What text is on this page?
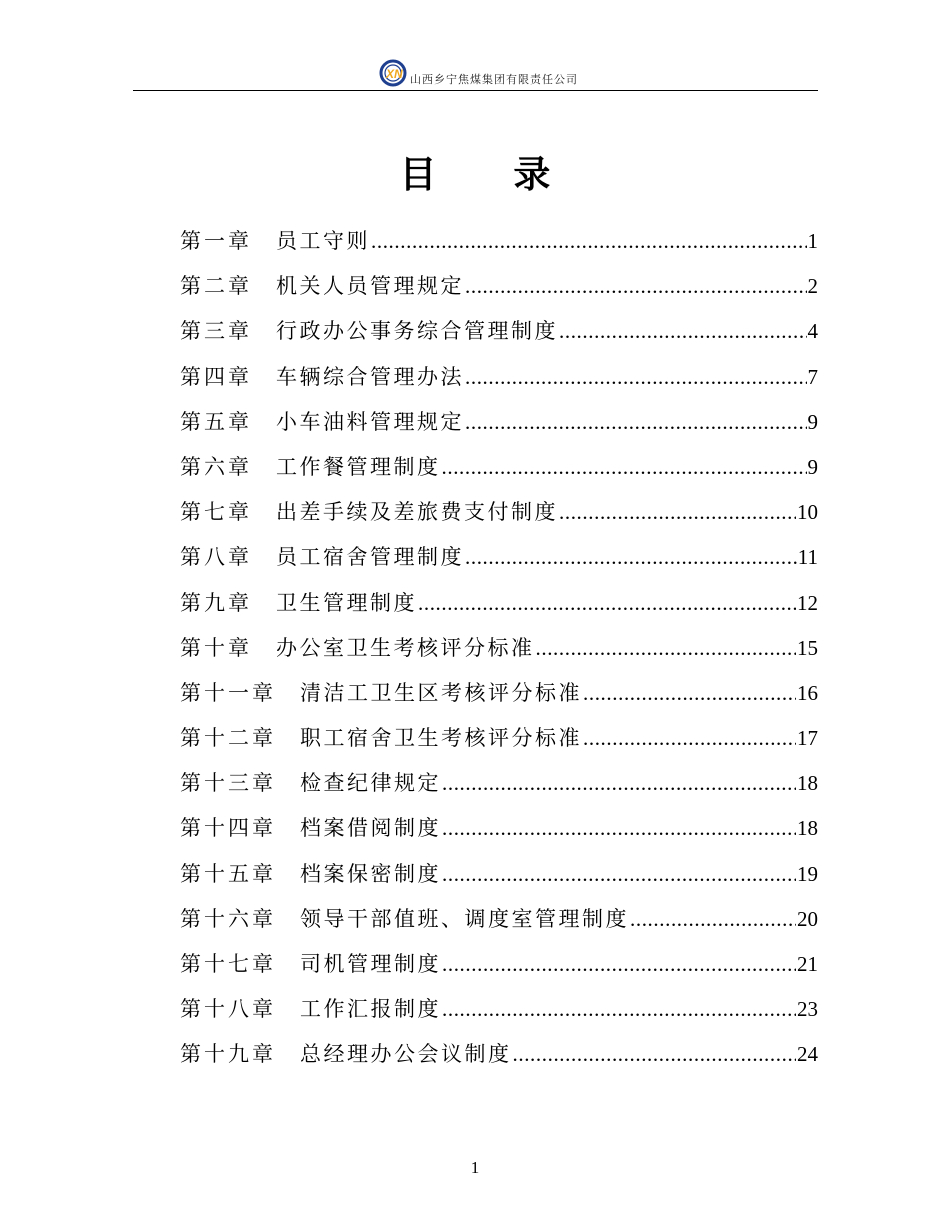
XN 山西乡宁焦煤集团有限责任公司
目 录
第一章 员工守则 .....	1
第二章 机关人员管理规定 .....	2
第三章 行政办公事务综合管理制度 .....	4
第四章 车辆综合管理办法 .....	7
第五章 小车油料管理规定 .....	9
第六章 工作餐管理制度 .....	9
第七章 出差手续及差旅费支付制度 .....	10
第八章 员工宿舍管理制度 .....	11
第九章 卫生管理制度 .....	12
第十章 办公室卫生考核评分标准 .....	15
第十一章 清洁工卫生区考核评分标准 .....	16
第十二章 职工宿舍卫生考核评分标准 .....	17
第十三章 检查纪律规定 .....	18
第十四章 档案借阅制度 .....	18
第十五章 档案保密制度 .....	19
第十六章 领导干部值班、调度室管理制度 .....	20
第十七章 司机管理制度 .....	21
第十八章 工作汇报制度 .....	23
第十九章 总经理办公会议制度 .....	24
1
